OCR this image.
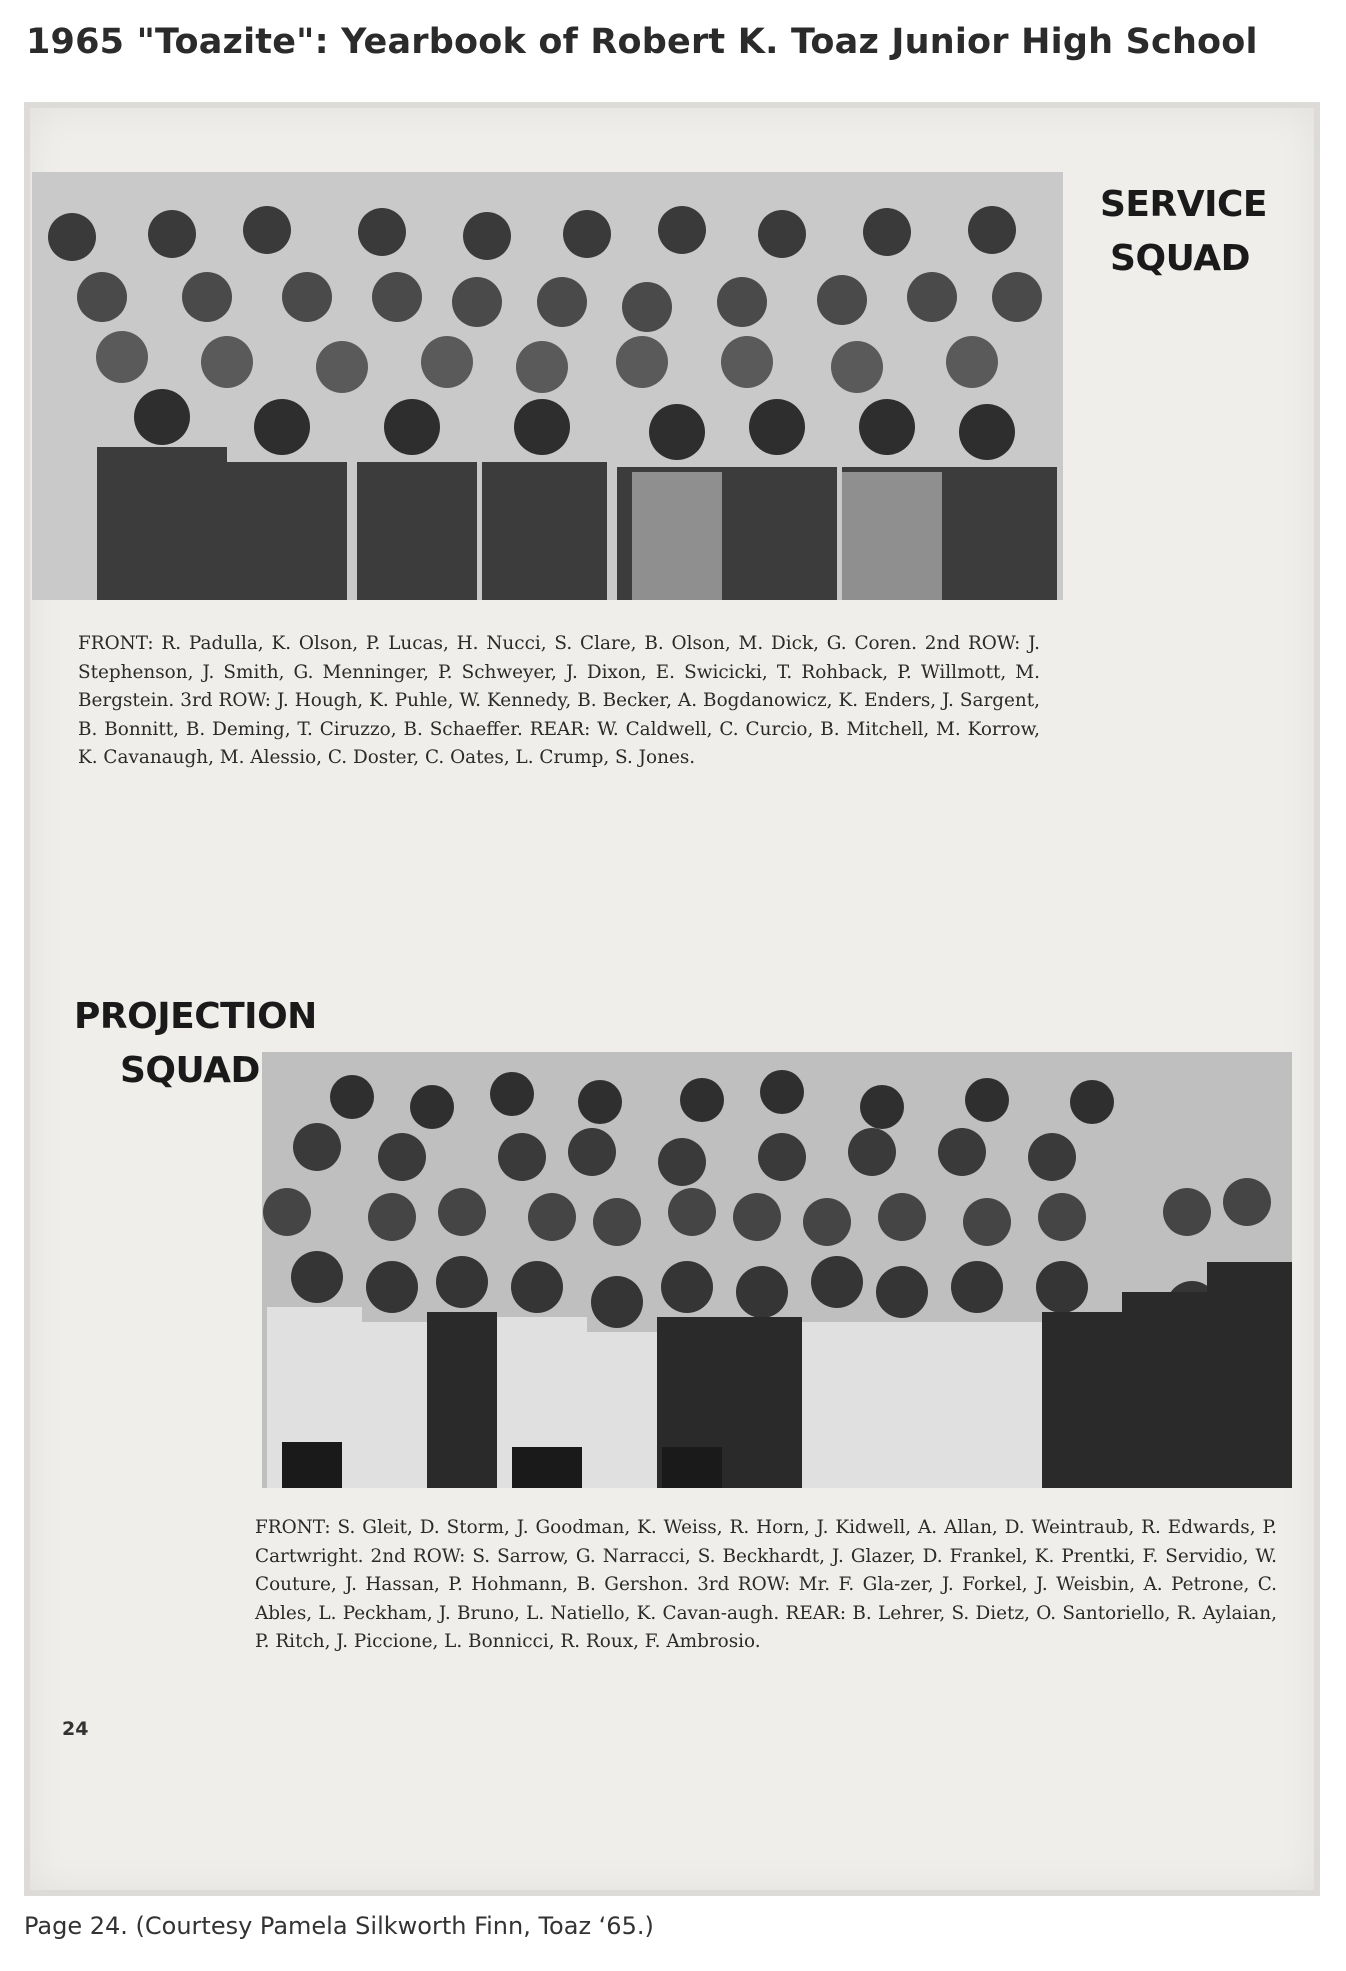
1965 "Toazite": Yearbook of Robert K. Toaz Junior High School
SERVICE
SQUAD
FRONT: R. Padulla, K. Olson, P. Lucas, H. Nucci, S. Clare, B. Olson, M. Dick, G. Coren. 2nd ROW: J. Stephenson, J. Smith, G. Menninger, P. Schweyer, J. Dixon, E. Swicicki, T. Rohback, P. Willmott, M. Bergstein. 3rd ROW: J. Hough, K. Puhle, W. Kennedy, B. Becker, A. Bogdanowicz, K. Enders, J. Sargent, B. Bonnitt, B. Deming, T. Ciruzzo, B. Schaeffer. REAR: W. Caldwell, C. Curcio, B. Mitchell, M. Korrow, K. Cavanaugh, M. Alessio, C. Doster, C. Oates, L. Crump, S. Jones.
PROJECTION
SQUAD
FRONT: S. Gleit, D. Storm, J. Goodman, K. Weiss, R. Horn, J. Kidwell, A. Allan, D. Weintraub, R. Edwards, P. Cartwright. 2nd ROW: S. Sarrow, G. Narracci, S. Beckhardt, J. Glazer, D. Frankel, K. Prentki, F. Servidio, W. Couture, J. Hassan, P. Hohmann, B. Gershon. 3rd ROW: Mr. F. Gla-zer, J. Forkel, J. Weisbin, A. Petrone, C. Ables, L. Peckham, J. Bruno, L. Natiello, K. Cavan-augh. REAR: B. Lehrer, S. Dietz, O. Santoriello, R. Aylaian, P. Ritch, J. Piccione, L. Bonnicci, R. Roux, F. Ambrosio.
24
Page 24. (Courtesy Pamela Silkworth Finn, Toaz ‘65.)
